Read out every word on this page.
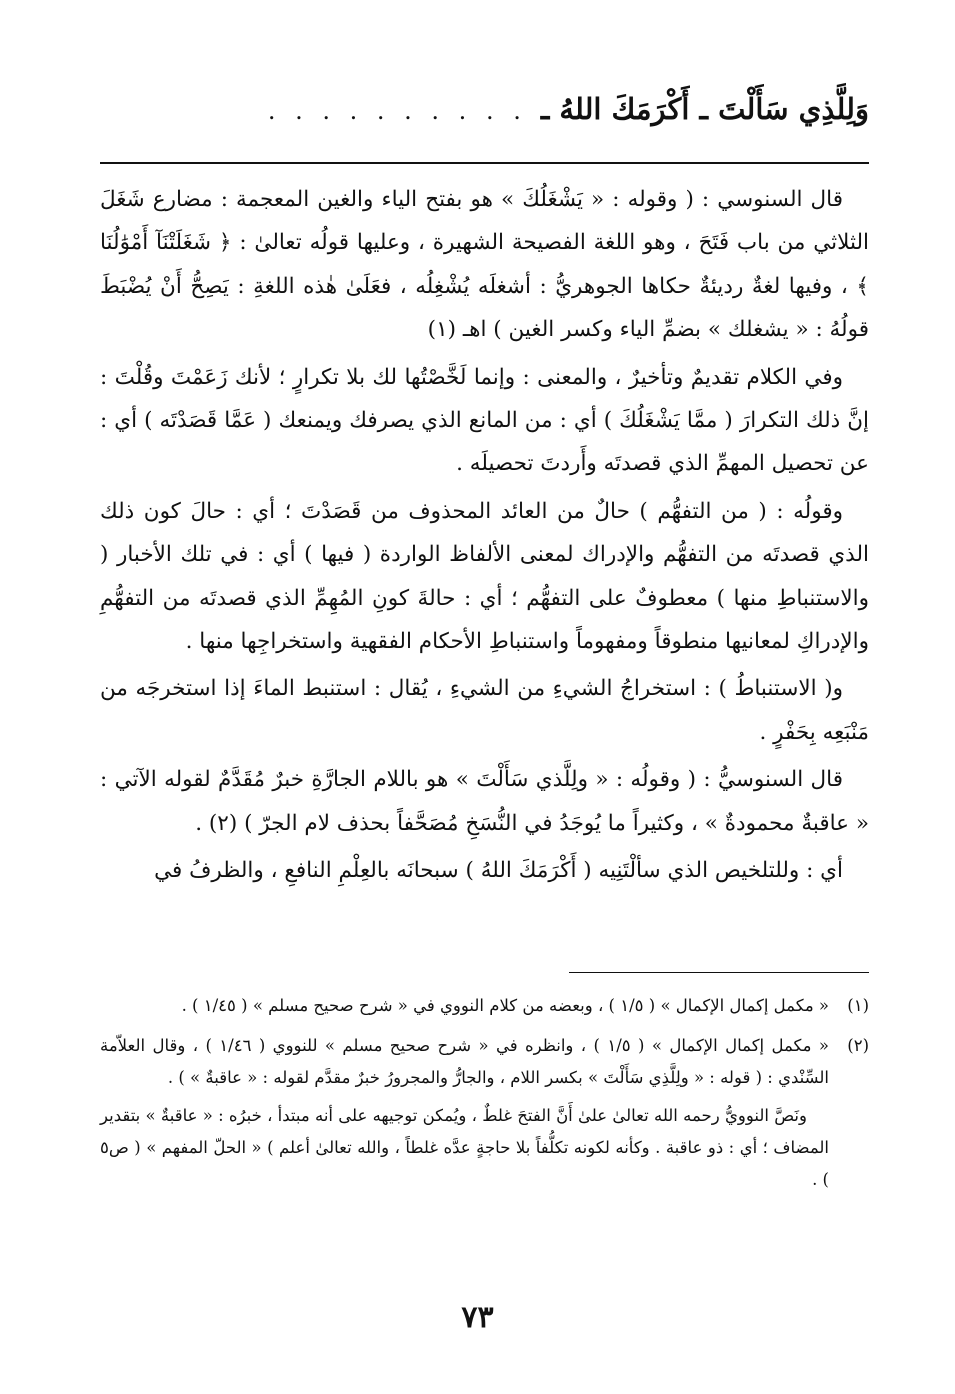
وَلِلَّذِي سَأَلْتَ ـ أَكْرَمَكَ اللهُ ـ
. . . . . . . . . .

قال السنوسي : ( وقوله : « يَشْغَلُكَ » هو بفتح الياء والغين المعجمة : مضارع شَغَلَ الثلاثي من باب فَتَحَ ، وهو اللغة الفصيحة الشهيرة ، وعليها قولُه تعالىٰ : ﴿ شَغَلَتْنَآ أَمْوَٰلُنَا ﴾ ، وفيها لغةٌ رديئةٌ حكاها الجوهريُّ : أشغلَه يُشْغِلُه ، فعَلَىٰ هٰذه اللغةِ : يَصِحُّ أَنْ يُضْبَطَ قولُهُ : « يشغلك » بضمِّ الياء وكسر الغين ) اهـ (١)

وفي الكلام تقديمٌ وتأخيرٌ ، والمعنى : وإنما لَخَّصْتُها لك بلا تكرارٍ ؛ لأنك زَعَمْتَ وقُلْتَ : إنَّ ذلك التكرارَ ( ممَّا يَشْغَلُكَ ) أي : من المانع الذي يصرفك ويمنعك ( عَمَّا قَصَدْتَه ) أي : عن تحصيل المهمِّ الذي قصدتَه وأَردتَ تحصيلَه .

وقولُه : ( من التفهُّم ) حالٌ من العائد المحذوف من قَصَدْتَ ؛ أي : حالَ كون ذلك الذي قصدتَه من التفهُّم والإدراك لمعنى الألفاظ الواردة ( فيها ) أي : في تلك الأخبار ( والاستنباطِ منها ) معطوفٌ على التفهُّم ؛ أي : حالةَ كونِ المُهِمِّ الذي قصدتَه من التفهُّمِ والإدراكِ لمعانيها منطوقاً ومفهوماً واستنباطِ الأحكام الفقهية واستخراجِها منها .

و( الاستنباطُ ) : استخراجُ الشيءِ من الشيءِ ، يُقال : استنبط الماءَ إذا استخرجَه من مَنْبَعِه بِحَفْرٍ .

قال السنوسيُّ : ( وقولُه : « ولِلَّذي سَأَلْتَ » هو باللام الجارَّةِ خبرٌ مُقَدَّمٌ لقوله الآتي : « عاقبةٌ محمودةٌ » ، وكثيراً ما يُوجَدُ في النُّسَخِ مُصَحَّفاً بحذف لام الجرّ ) (٢) .

أي : وللتلخيص الذي سألْتَنِيه ( أَكْرَمَكَ اللهُ ) سبحانَه بالعِلْمِ النافعِ ، والظرفُ في

(١)
« مكمل إكمال الإكمال » ( ١/٥ ) ، وبعضه من كلام النووي في « شرح صحيح مسلم » ( ١/٤٥ ) .
(٢)
« مكمل إكمال الإكمال » ( ١/٥ ) ، وانظره في « شرح صحيح مسلم » للنووي ( ١/٤٦ ) ، وقال العلاّمة السِّنْدي : ( قوله : « ولِلَّذِي سَأَلْتَ » بكسر اللام ، والجارُّ والمجرورُ خبرٌ مقدَّم لقوله : « عاقبةٌ » ) .
ونَصَّ النوويُّ رحمه الله تعالىٰ علىٰ أَنَّ الفتحَ غلطٌ ، ويُمكن توجيهه على أنه مبتدأ ، خبرُه : « عاقبةٌ » بتقدير المضاف ؛ أي : ذو عاقبة . وكأنه لكونه تكلُّفاً بلا حاجةٍ عدَّه غلطاً ، والله تعالىٰ أعلم ) « الحلّ المفهم » ( ص٥ ) .
٧٣
